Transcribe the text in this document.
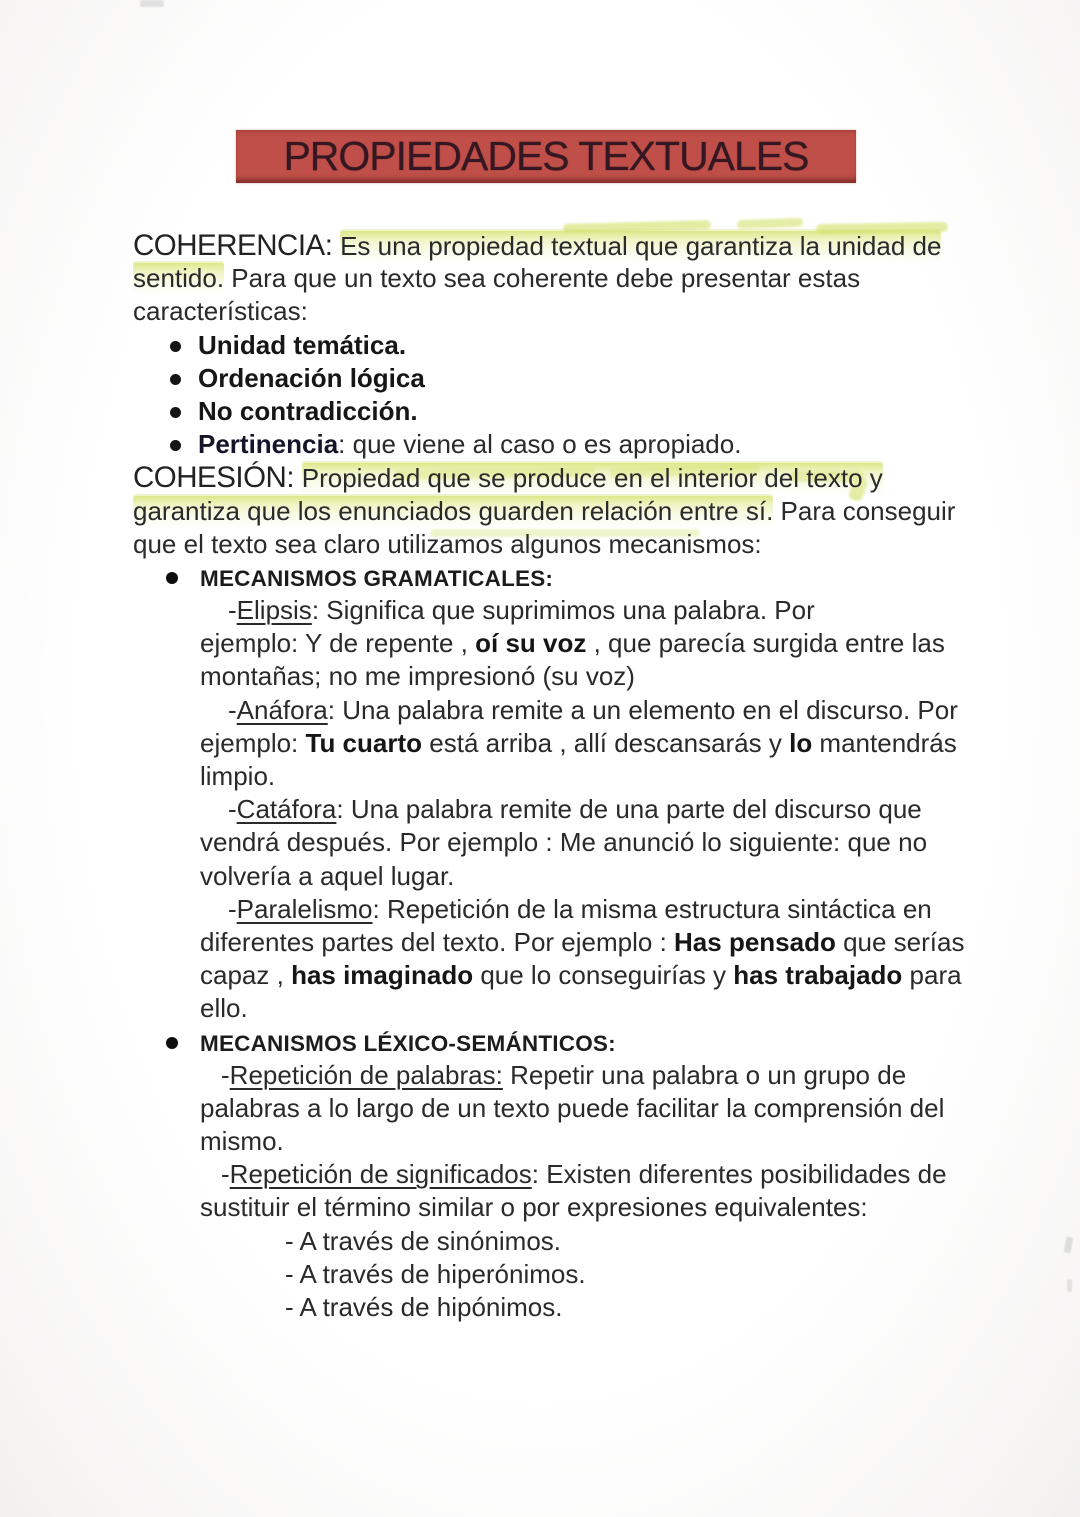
PROPIEDADES TEXTUALES
COHERENCIA: Es una propiedad textual que garantiza la unidad de
sentido. Para que un texto sea coherente debe presentar estas
características:
Unidad temática.
Ordenación lógica
No contradicción.
Pertinencia: que viene al caso o es apropiado.
COHESIÓN: Propiedad que se produce en el interior del texto y
garantiza que los enunciados guarden relación entre sí. Para conseguir
que el texto sea claro utilizamos algunos mecanismos:
MECANISMOS GRAMATICALES:
-Elipsis: Significa que suprimimos una palabra. Por
ejemplo: Y de repente , oí su voz , que parecía surgida entre las
montañas; no me impresionó (su voz)
-Anáfora: Una palabra remite a un elemento en el discurso. Por
ejemplo: Tu cuarto está arriba , allí descansarás y lo mantendrás
limpio.
-Catáfora: Una palabra remite de una parte del discurso que
vendrá después. Por ejemplo : Me anunció lo siguiente: que no
volvería a aquel lugar.
-Paralelismo: Repetición de la misma estructura sintáctica en
diferentes partes del texto. Por ejemplo : Has pensado que serías
capaz , has imaginado que lo conseguirías y has trabajado para
ello.
MECANISMOS LÉXICO-SEMÁNTICOS:
-Repetición de palabras: Repetir una palabra o un grupo de
palabras a lo largo de un texto puede facilitar la comprensión del
mismo.
-Repetición de significados: Existen diferentes posibilidades de
sustituir el término similar o por expresiones equivalentes:
- A través de sinónimos.
- A través de hiperónimos.
- A través de hipónimos.
